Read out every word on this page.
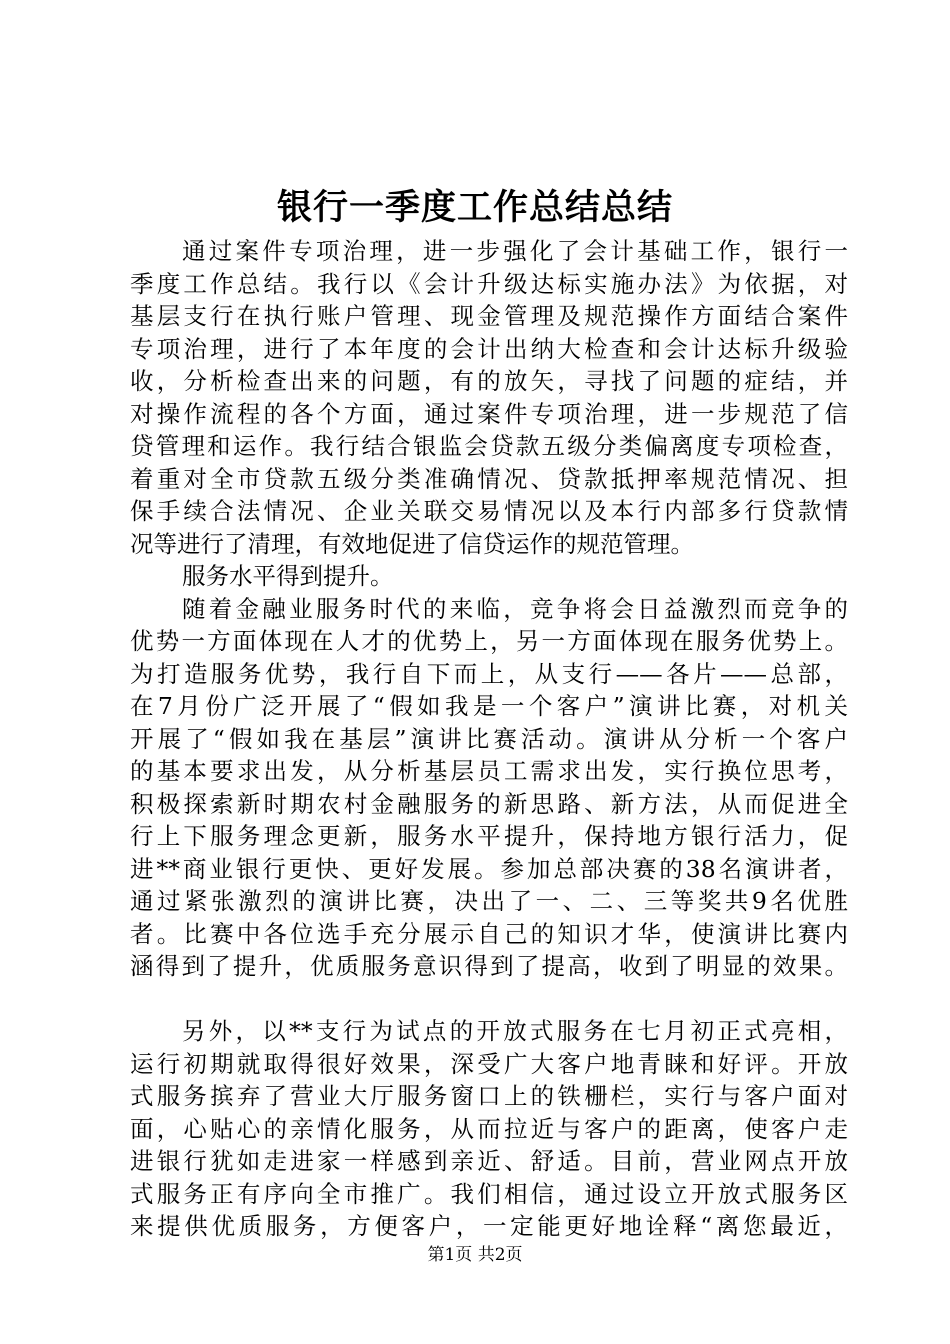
银行一季度工作总结总结
通过案件专项治理，进一步强化了会计基础工作，银行一
季度工作总结。我行以《会计升级达标实施办法》为依据，对
基层支行在执行账户管理、现金管理及规范操作方面结合案件
专项治理，进行了本年度的会计出纳大检查和会计达标升级验
收，分析检查出来的问题，有的放矢，寻找了问题的症结，并
对操作流程的各个方面，通过案件专项治理，进一步规范了信
贷管理和运作。我行结合银监会贷款五级分类偏离度专项检查，
着重对全市贷款五级分类准确情况、贷款抵押率规范情况、担
保手续合法情况、企业关联交易情况以及本行内部多行贷款情
况等进行了清理，有效地促进了信贷运作的规范管理。
服务水平得到提升。
随着金融业服务时代的来临，竞争将会日益激烈而竞争的
优势一方面体现在人才的优势上，另一方面体现在服务优势上。
为打造服务优势，我行自下而上，从支行——各片——总部，
在7月份广泛开展了“假如我是一个客户”演讲比赛，对机关
开展了“假如我在基层”演讲比赛活动。演讲从分析一个客户
的基本要求出发，从分析基层员工需求出发，实行换位思考，
积极探索新时期农村金融服务的新思路、新方法，从而促进全
行上下服务理念更新，服务水平提升，保持地方银行活力，促
进**商业银行更快、更好发展。参加总部决赛的38名演讲者，
通过紧张激烈的演讲比赛，决出了一、二、三等奖共9名优胜
者。比赛中各位选手充分展示自己的知识才华，使演讲比赛内
涵得到了提升，优质服务意识得到了提高，收到了明显的效果。
另外，以**支行为试点的开放式服务在七月初正式亮相，
运行初期就取得很好效果，深受广大客户地青睐和好评。开放
式服务摈弃了营业大厅服务窗口上的铁栅栏，实行与客户面对
面，心贴心的亲情化服务，从而拉近与客户的距离，使客户走
进银行犹如走进家一样感到亲近、舒适。目前，营业网点开放
式服务正有序向全市推广。我们相信，通过设立开放式服务区
来提供优质服务，方便客户，一定能更好地诠释“离您最近，
第1页 共2页
